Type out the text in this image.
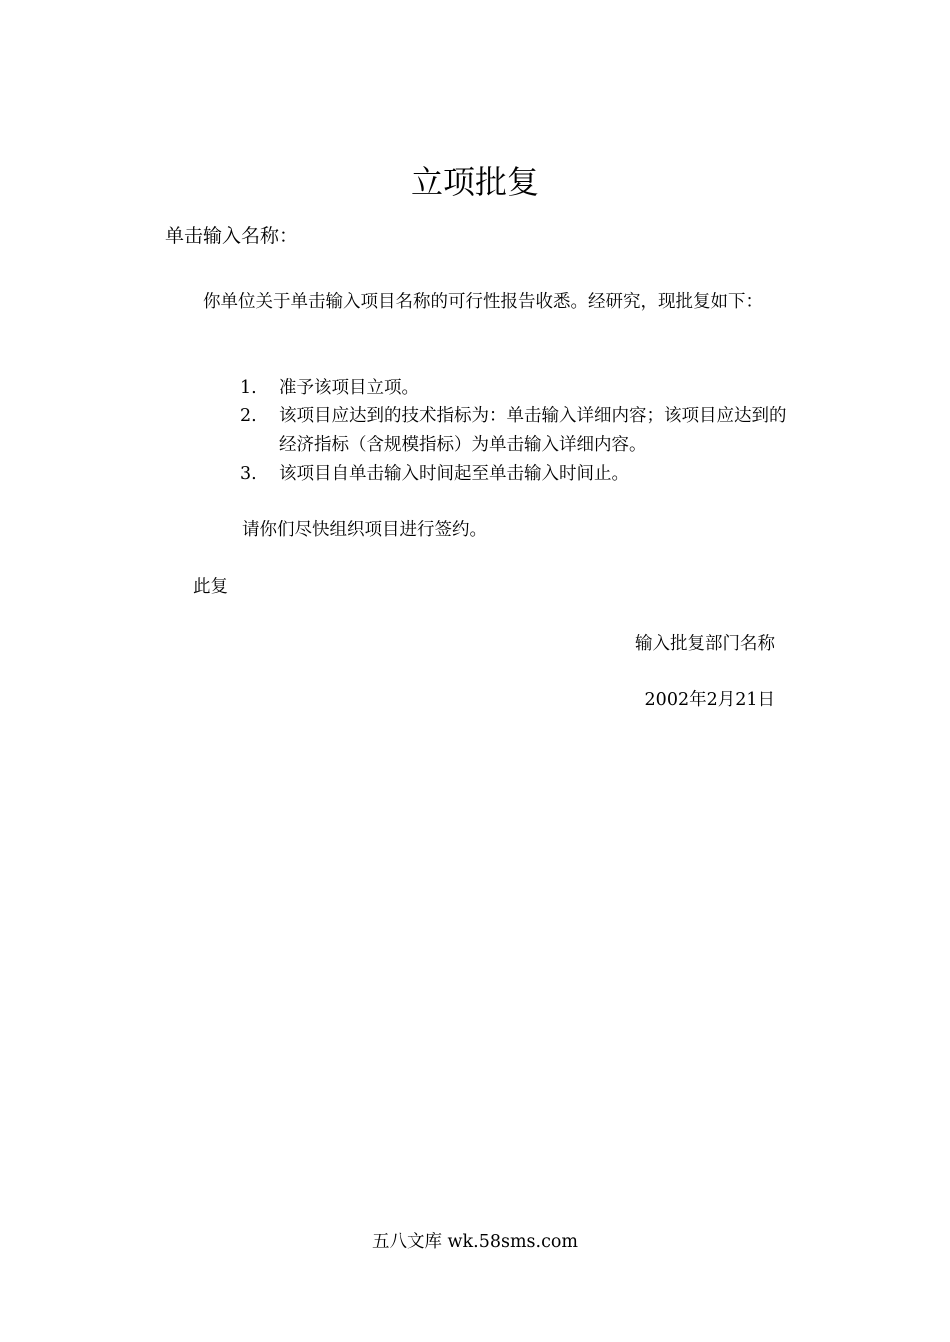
立项批复
单击输入名称：

你单位关于单击输入项目名称的可行性报告收悉。经研究，现批复如下：

1. 准予该项目立项。
2. 该项目应达到的技术指标为：单击输入详细内容；该项目应达到的经济指标（含规模指标）为单击输入详细内容。
3. 该项目自单击输入时间起至单击输入时间止。
请你们尽快组织项目进行签约。
此复
输入批复部门名称
2002年2月21日
五八文库 wk.58sms.com
